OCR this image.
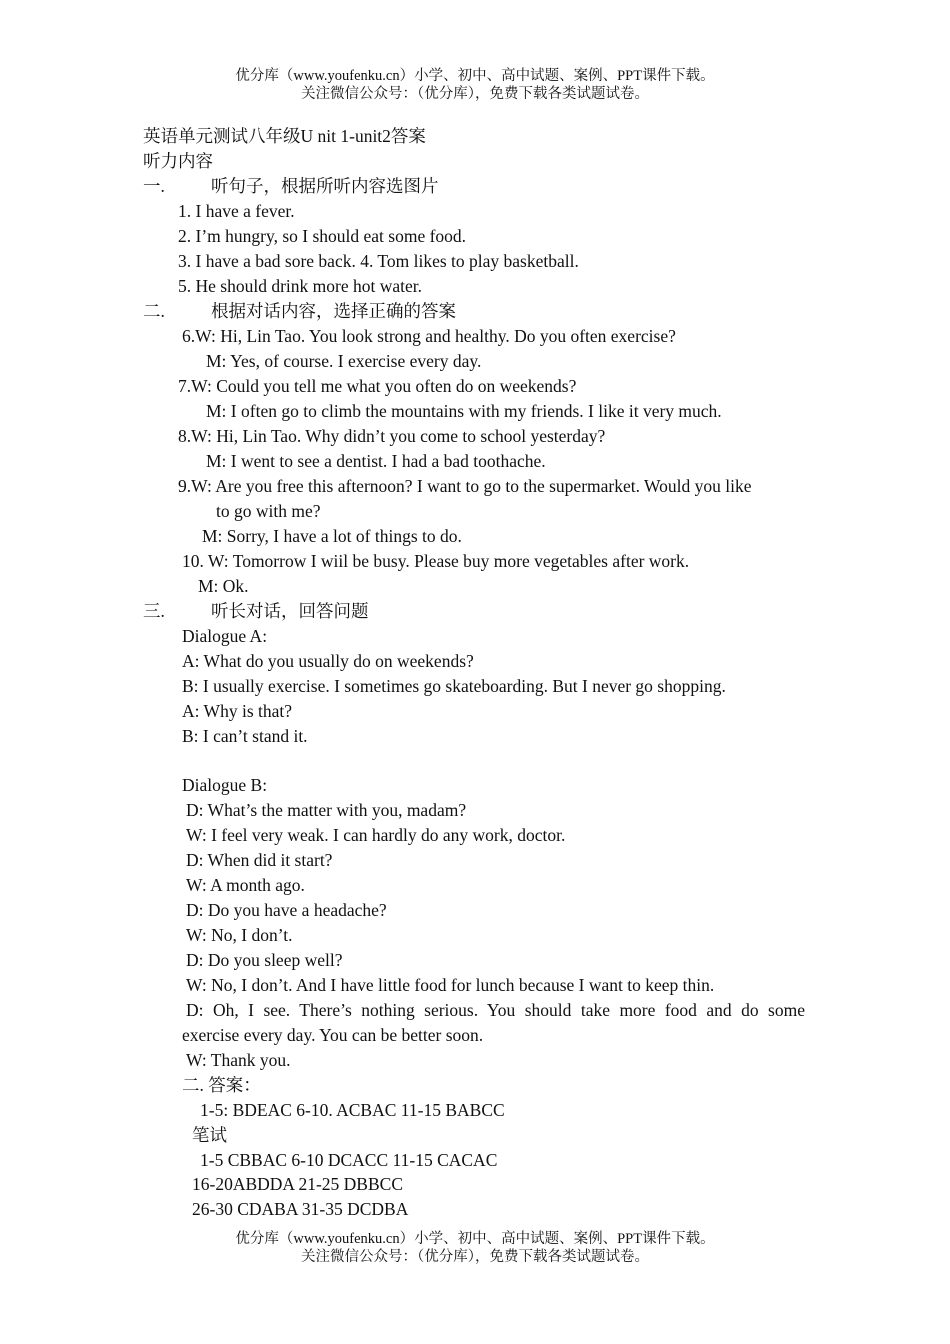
优分库（www.youfenku.cn）小学、初中、高中试题、案例、PPT课件下载。
关注微信公众号：（优分库），免费下载各类试题试卷。
英语单元测试八年级U nit 1-unit2答案
听力内容
一.	听句子，根据所听内容选图片
1. I have a fever.
2. I’m hungry, so I should eat some food.
3. I have a bad sore back. 4. Tom likes to play basketball.
5. He should drink more hot water.
二.	根据对话内容，选择正确的答案
6.W: Hi, Lin Tao. You look strong and healthy. Do you often exercise?
M: Yes, of course. I exercise every day.
7.W: Could you tell me what you often do on weekends?
M: I often go to climb the mountains with my friends. I like it very much.
8.W: Hi, Lin Tao. Why didn’t you come to school yesterday?
M: I went to see a dentist. I had a bad toothache.
9.W: Are you free this afternoon? I want to go to the supermarket. Would you like
to go with me?
M: Sorry, I have a lot of things to do.
10. W: Tomorrow I wiil be busy. Please buy more vegetables after work.
M: Ok.
三.	听长对话，回答问题
Dialogue A:
A: What do you usually do on weekends?
B: I usually exercise. I sometimes go skateboarding. But I never go shopping.
A: Why is that?
B: I can’t stand it.
Dialogue B:
D: What’s the matter with you, madam?
W: I feel very weak. I can hardly do any work, doctor.
D: When did it start?
W: A month ago.
D: Do you have a headache?
W: No, I don’t.
D: Do you sleep well?
W: No, I don’t. And I have little food for lunch because I want to keep thin.
D: Oh, I see. There’s nothing serious. You should take more food and do some
exercise every day. You can be better soon.
W: Thank you.
二. 答案：
1-5: BDEAC 6-10. ACBAC 11-15 BABCC
笔试
1-5 CBBAC 6-10 DCACC 11-15 CACAC
16-20ABDDA 21-25 DBBCC
26-30 CDABA 31-35 DCDBA
优分库（www.youfenku.cn）小学、初中、高中试题、案例、PPT课件下载。
关注微信公众号：（优分库），免费下载各类试题试卷。
